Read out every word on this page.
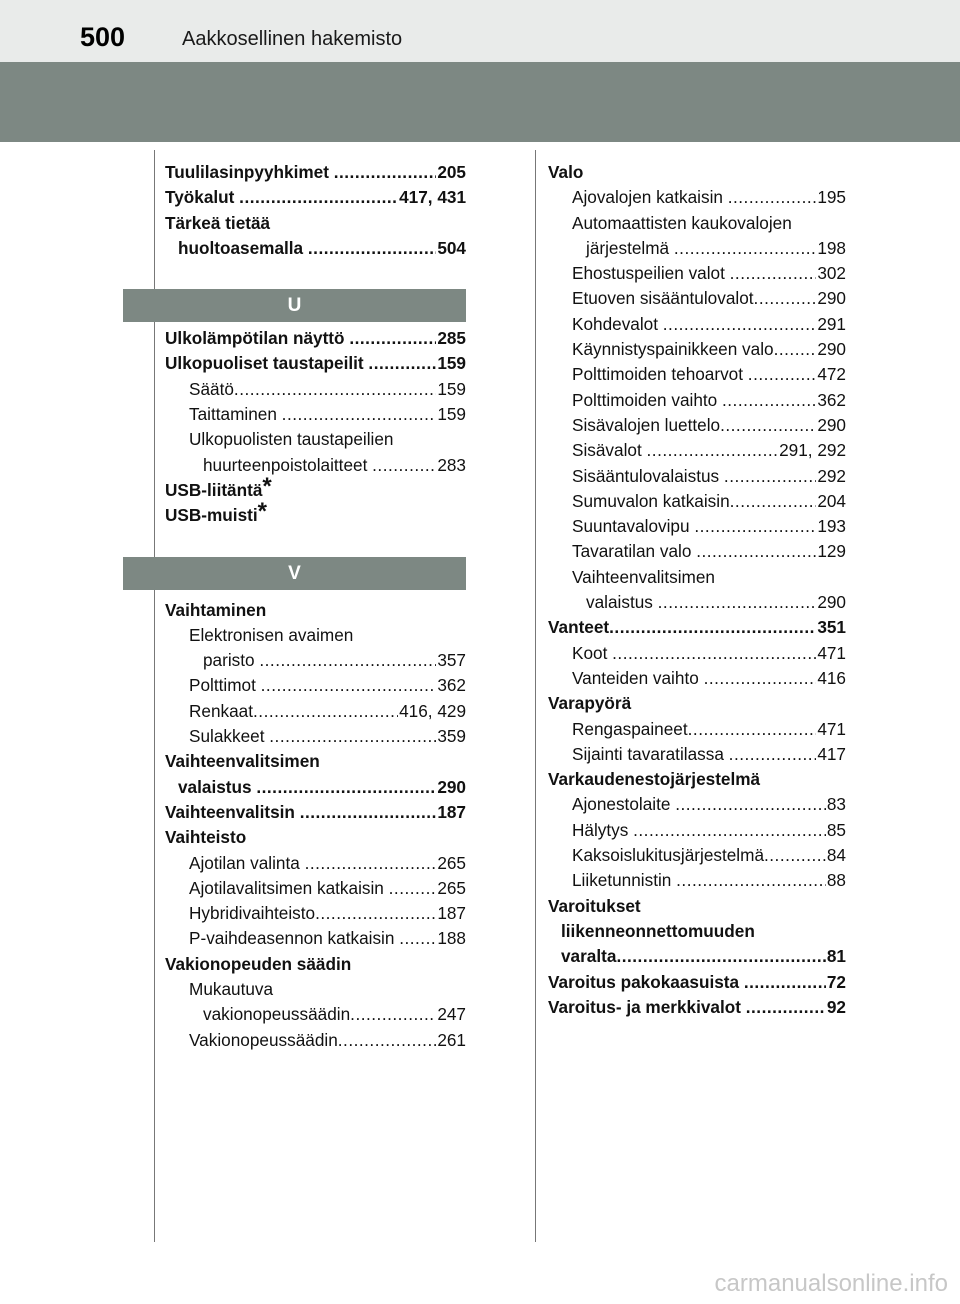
500	Aakkosellinen hakemisto
Tuulilasinpyyhkimet .....	205
Työkalut .....	417, 431
Tärkeä tietää
huoltoasemalla .....	504
U
Ulkolämpötilan näyttö .....	285
Ulkopuoliset taustapeilit .....	159
Säätö .....	159
Taittaminen .....	159
Ulkopuolisten taustapeilien
huurteenpoistolaitteet .....	283
USB-liitäntä*
USB-muisti*
V
Vaihtaminen
Elektronisen avaimen
paristo .....	357
Polttimot .....	362
Renkaat .....	416, 429
Sulakkeet .....	359
Vaihteenvalitsimen
valaistus .....	290
Vaihteenvalitsin .....	187
Vaihteisto
Ajotilan valinta .....	265
Ajotilavalitsimen katkaisin .....	265
Hybridivaihteisto .....	187
P-vaihdeasennon katkaisin ..... 188
Vakionopeuden säädin
Mukautuva
vakionopeussäädin .....	247
Vakionopeussäädin .....	261
Valo
Ajovalojen katkaisin .....	195
Automaattisten kaukovalojen
järjestelmä .....	198
Ehostuspeilien valot .....	302
Etuoven sisääntulovalot .....	290
Kohdevalot .....	291
Käynnistyspainikkeen valo .....	290
Polttimoiden tehoarvot .....	472
Polttimoiden vaihto .....	362
Sisävalojen luettelo .....	290
Sisävalot .....	291, 292
Sisääntulovalaistus .....	292
Sumuvalon katkaisin .....	204
Suuntavalovipu .....	193
Tavaratilan valo .....	129
Vaihteenvalitsimen
valaistus .....	290
Vanteet .....	351
Koot .....	471
Vanteiden vaihto .....	416
Varapyörä
Rengaspaineet .....	471
Sijainti tavaratilassa .....	417
Varkaudenestojärjestelmä
Ajonestolaite .....	83
Hälytys .....	85
Kaksoislukitusjärjestelmä .....	84
Liiketunnistin .....	88
Varoitukset
liikenneonnettomuuden
varalta .....	81
Varoitus pakokaasuista .....	72
Varoitus- ja merkkivalot .....	92
carmanualsonline.info
